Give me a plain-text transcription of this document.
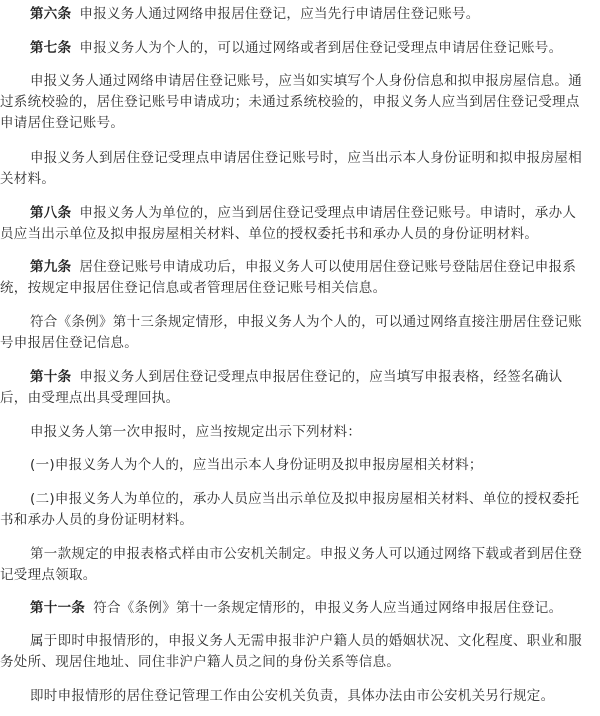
第六条 申报义务人通过网络申报居住登记，应当先行申请居住登记账号。

第七条 申报义务人为个人的，可以通过网络或者到居住登记受理点申请居住登记账号。

申报义务人通过网络申请居住登记账号，应当如实填写个人身份信息和拟申报房屋信息。通过系统校验的，居住登记账号申请成功；未通过系统校验的，申报义务人应当到居住登记受理点申请居住登记账号。

申报义务人到居住登记受理点申请居住登记账号时，应当出示本人身份证明和拟申报房屋相关材料。

第八条 申报义务人为单位的，应当到居住登记受理点申请居住登记账号。申请时，承办人员应当出示单位及拟申报房屋相关材料、单位的授权委托书和承办人员的身份证明材料。

第九条 居住登记账号申请成功后，申报义务人可以使用居住登记账号登陆居住登记申报系统，按规定申报居住登记信息或者管理居住登记账号相关信息。

符合《条例》第十三条规定情形，申报义务人为个人的，可以通过网络直接注册居住登记账号申报居住登记信息。

第十条 申报义务人到居住登记受理点申报居住登记的，应当填写申报表格，经签名确认后，由受理点出具受理回执。

申报义务人第一次申报时，应当按规定出示下列材料：

(一)申报义务人为个人的，应当出示本人身份证明及拟申报房屋相关材料；

(二)申报义务人为单位的，承办人员应当出示单位及拟申报房屋相关材料、单位的授权委托书和承办人员的身份证明材料。

第一款规定的申报表格式样由市公安机关制定。申报义务人可以通过网络下载或者到居住登记受理点领取。

第十一条 符合《条例》第十一条规定情形的，申报义务人应当通过网络申报居住登记。

属于即时申报情形的，申报义务人无需申报非沪户籍人员的婚姻状况、文化程度、职业和服务处所、现居住地址、同住非沪户籍人员之间的身份关系等信息。

即时申报情形的居住登记管理工作由公安机关负责，具体办法由市公安机关另行规定。
